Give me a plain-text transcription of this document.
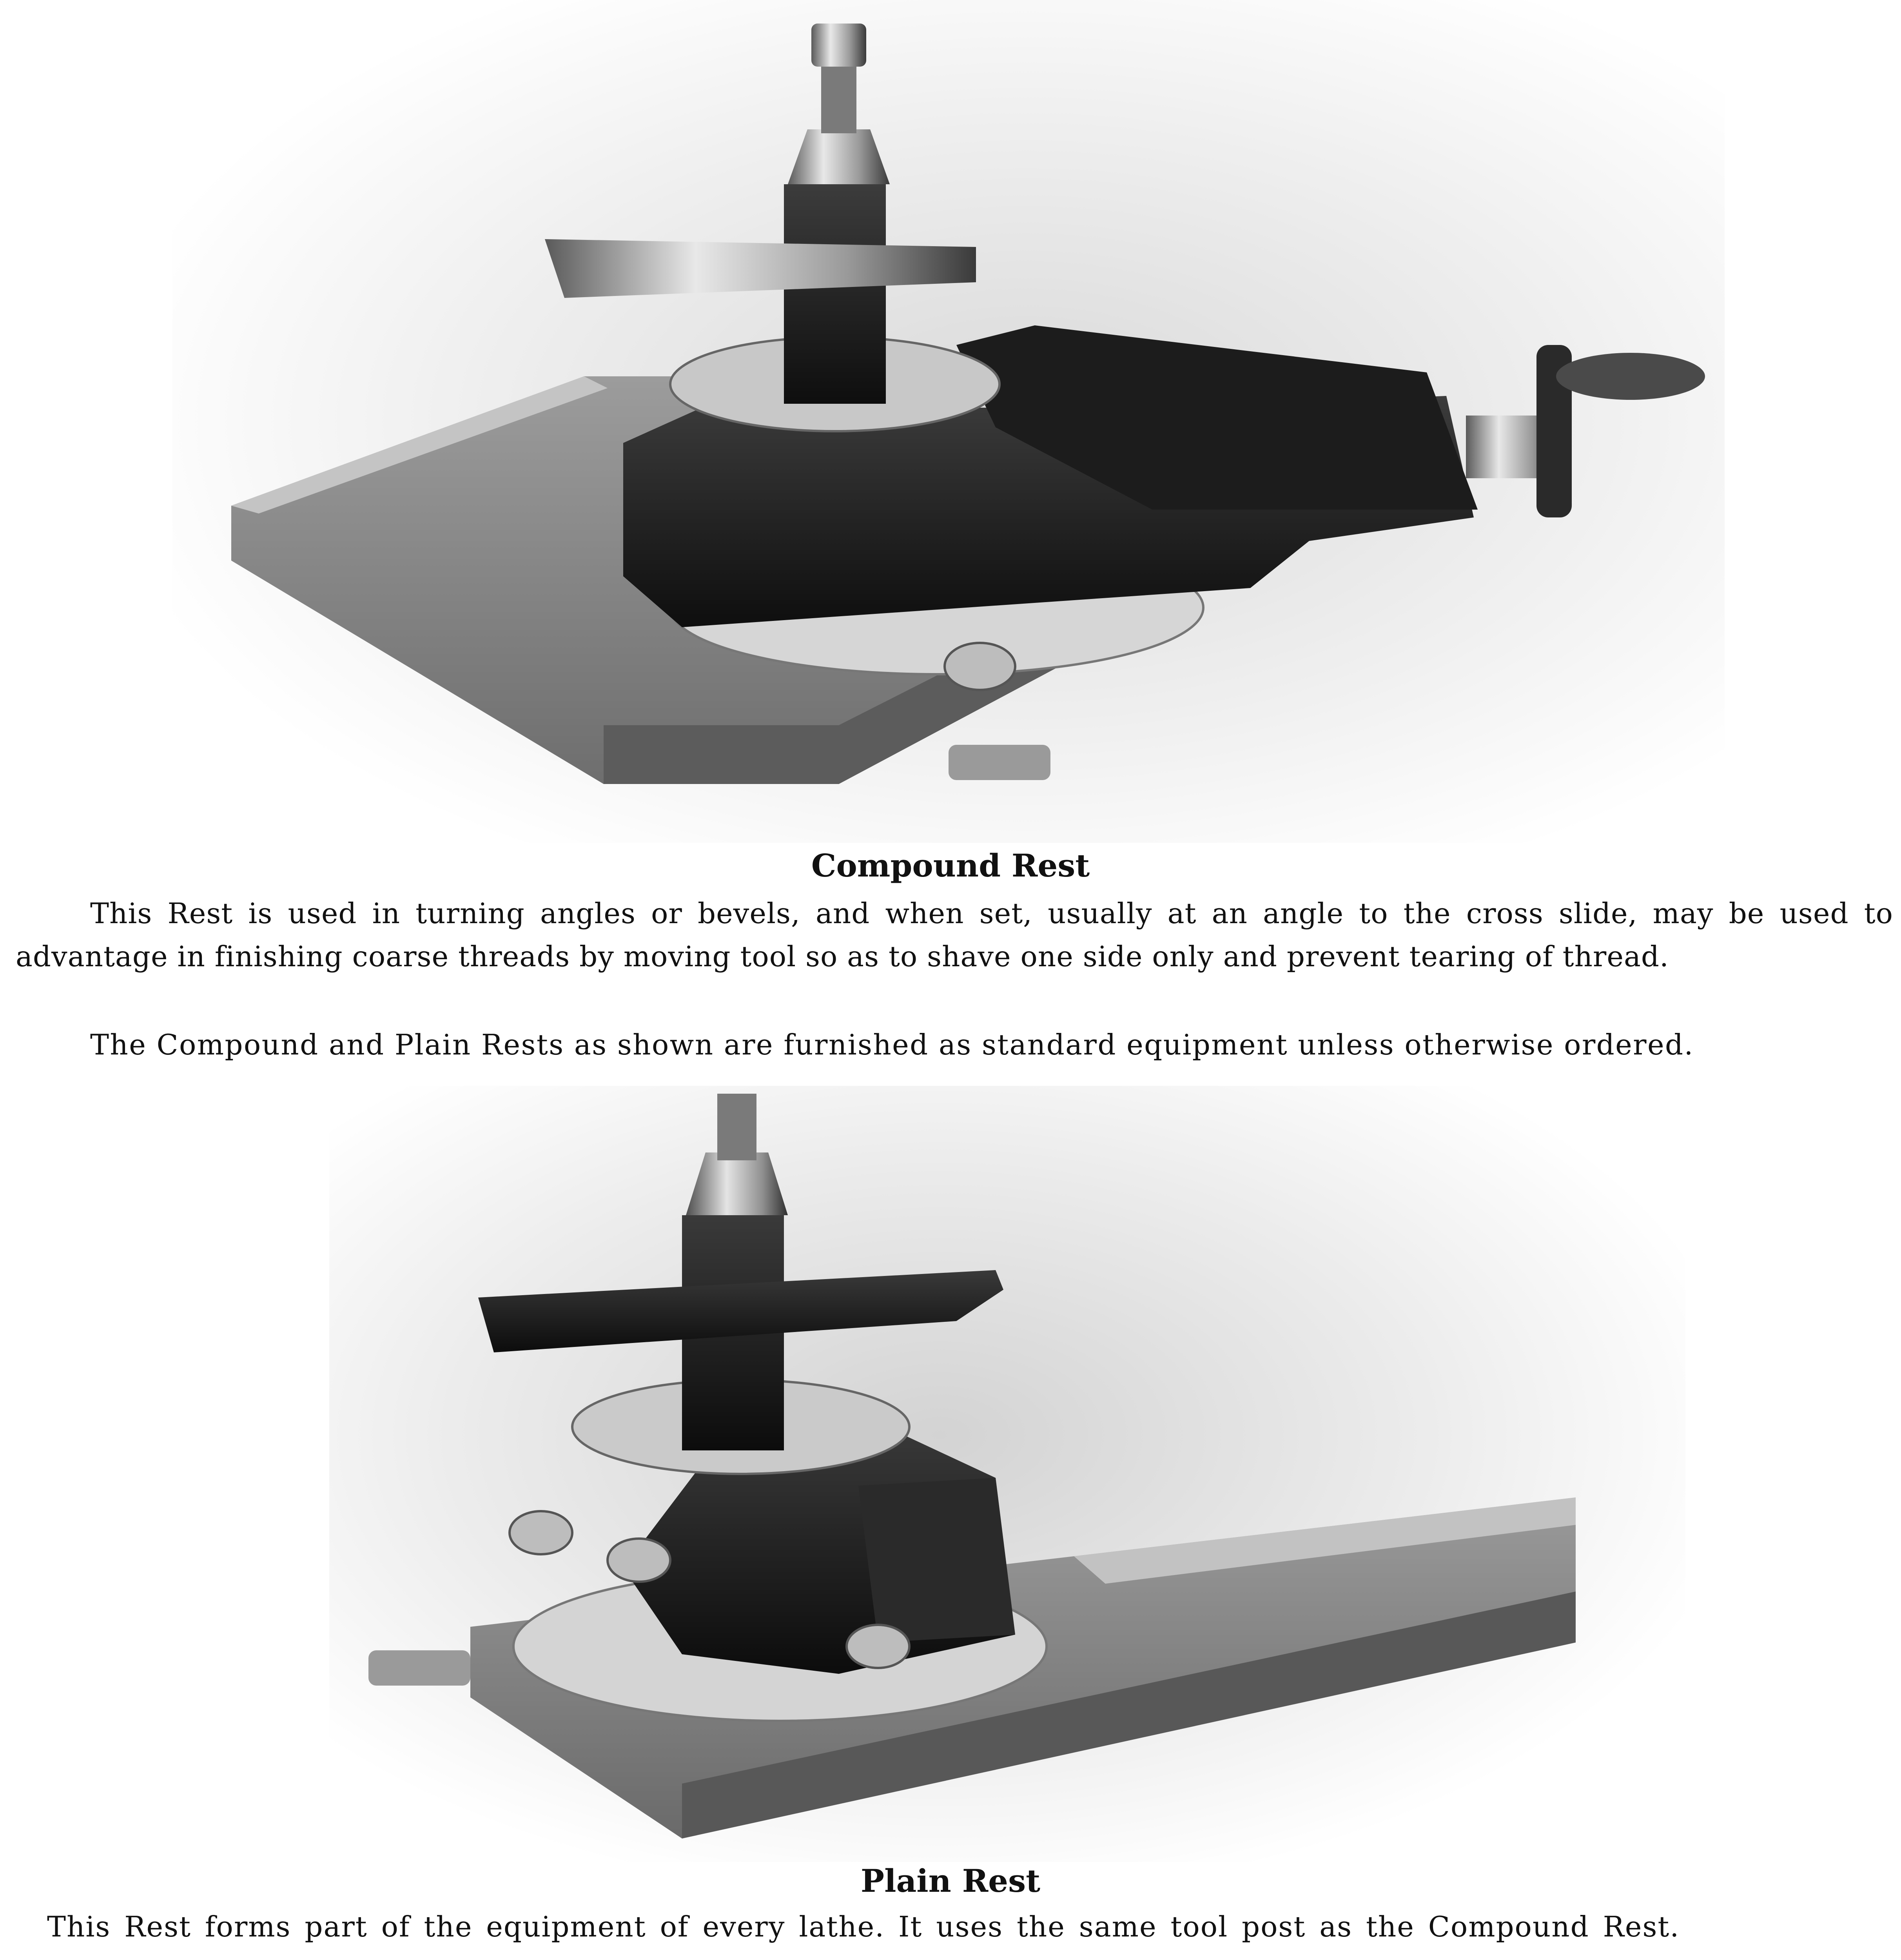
Compound Rest

This Rest is used in turning angles or bevels, and when set, usually at an angle to the cross slide, may be used to advantage in finishing coarse threads by moving tool so as to shave one side only and prevent tearing of thread.

The Compound and Plain Rests as shown are furnished as standard equipment unless otherwise ordered.

Plain Rest

This Rest forms part of the equipment of every lathe. It uses the same tool post as the Compound Rest.
